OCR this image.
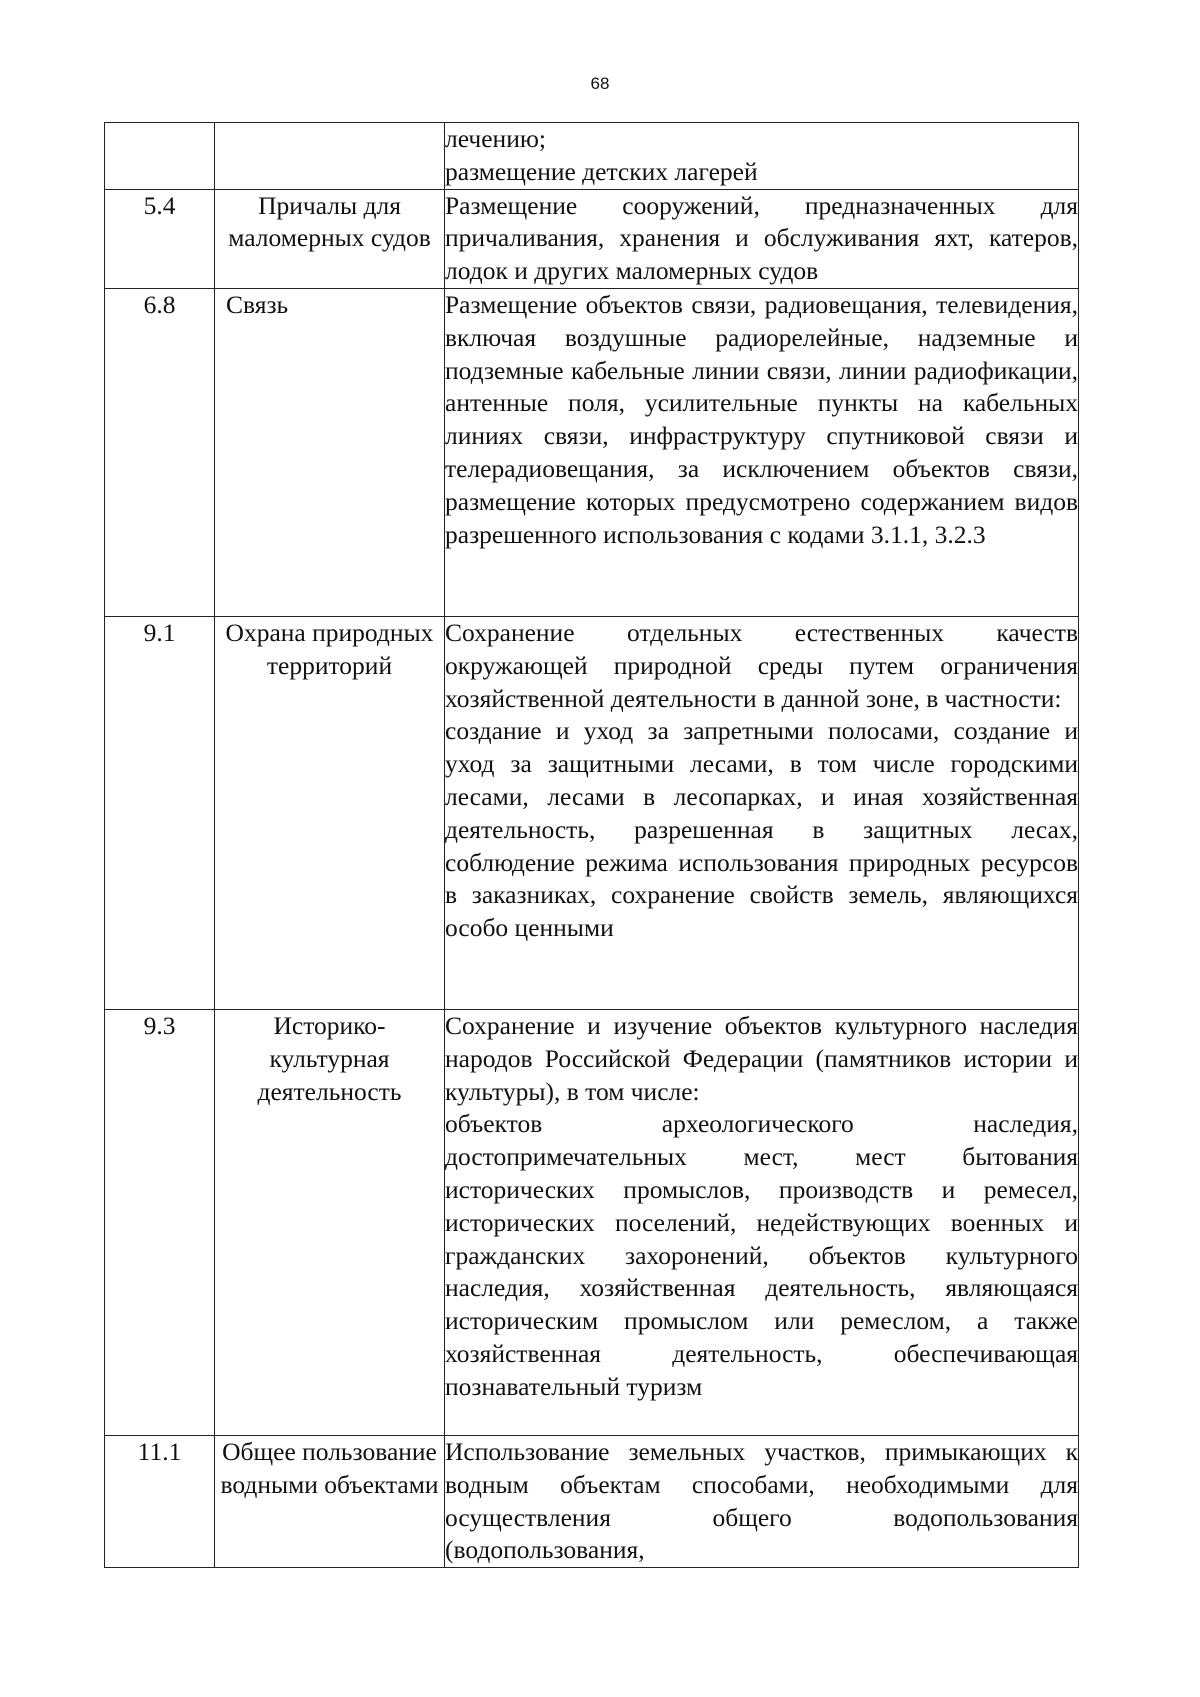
68

		лечению;
размещение детских лагерей

5.4	Причалы для маломерных судов	Размещение сооружений, предназначенных для причаливания, хранения и обслуживания яхт, катеров, лодок и других маломерных судов

6.8	Связь	Размещение объектов связи, радиовещания, телевидения, включая воздушные радиорелейные, надземные и подземные кабельные линии связи, линии радиофикации, антенные поля, усилительные пункты на кабельных линиях связи, инфраструктуру спутниковой связи и телерадиовещания, за исключением объектов связи, размещение которых предусмотрено содержанием видов разрешенного использования с кодами 3.1.1, 3.2.3

9.1	Охрана природных территорий	Сохранение отдельных естественных качеств окружающей природной среды путем ограничения хозяйственной деятельности в данной зоне, в частности:
создание и уход за запретными полосами, создание и уход за защитными лесами, в том числе городскими лесами, лесами в лесопарках, и иная хозяйственная деятельность, разрешенная в защитных лесах, соблюдение режима использования природных ресурсов в заказниках, сохранение свойств земель, являющихся особо ценными

9.3	Историко-культурная деятельность	Сохранение и изучение объектов культурного наследия народов Российской Федерации (памятников истории и культуры), в том числе:
объектов археологического наследия, достопримечательных мест, мест бытования исторических промыслов, производств и ремесел, исторических поселений, недействующих военных и гражданских захоронений, объектов культурного наследия, хозяйственная деятельность, являющаяся историческим промыслом или ремеслом, а также хозяйственная деятельность, обеспечивающая познавательный туризм

11.1	Общее пользование водными объектами	Использование земельных участков, примыкающих к водным объектам способами, необходимыми для осуществления общего водопользования (водопользования,
